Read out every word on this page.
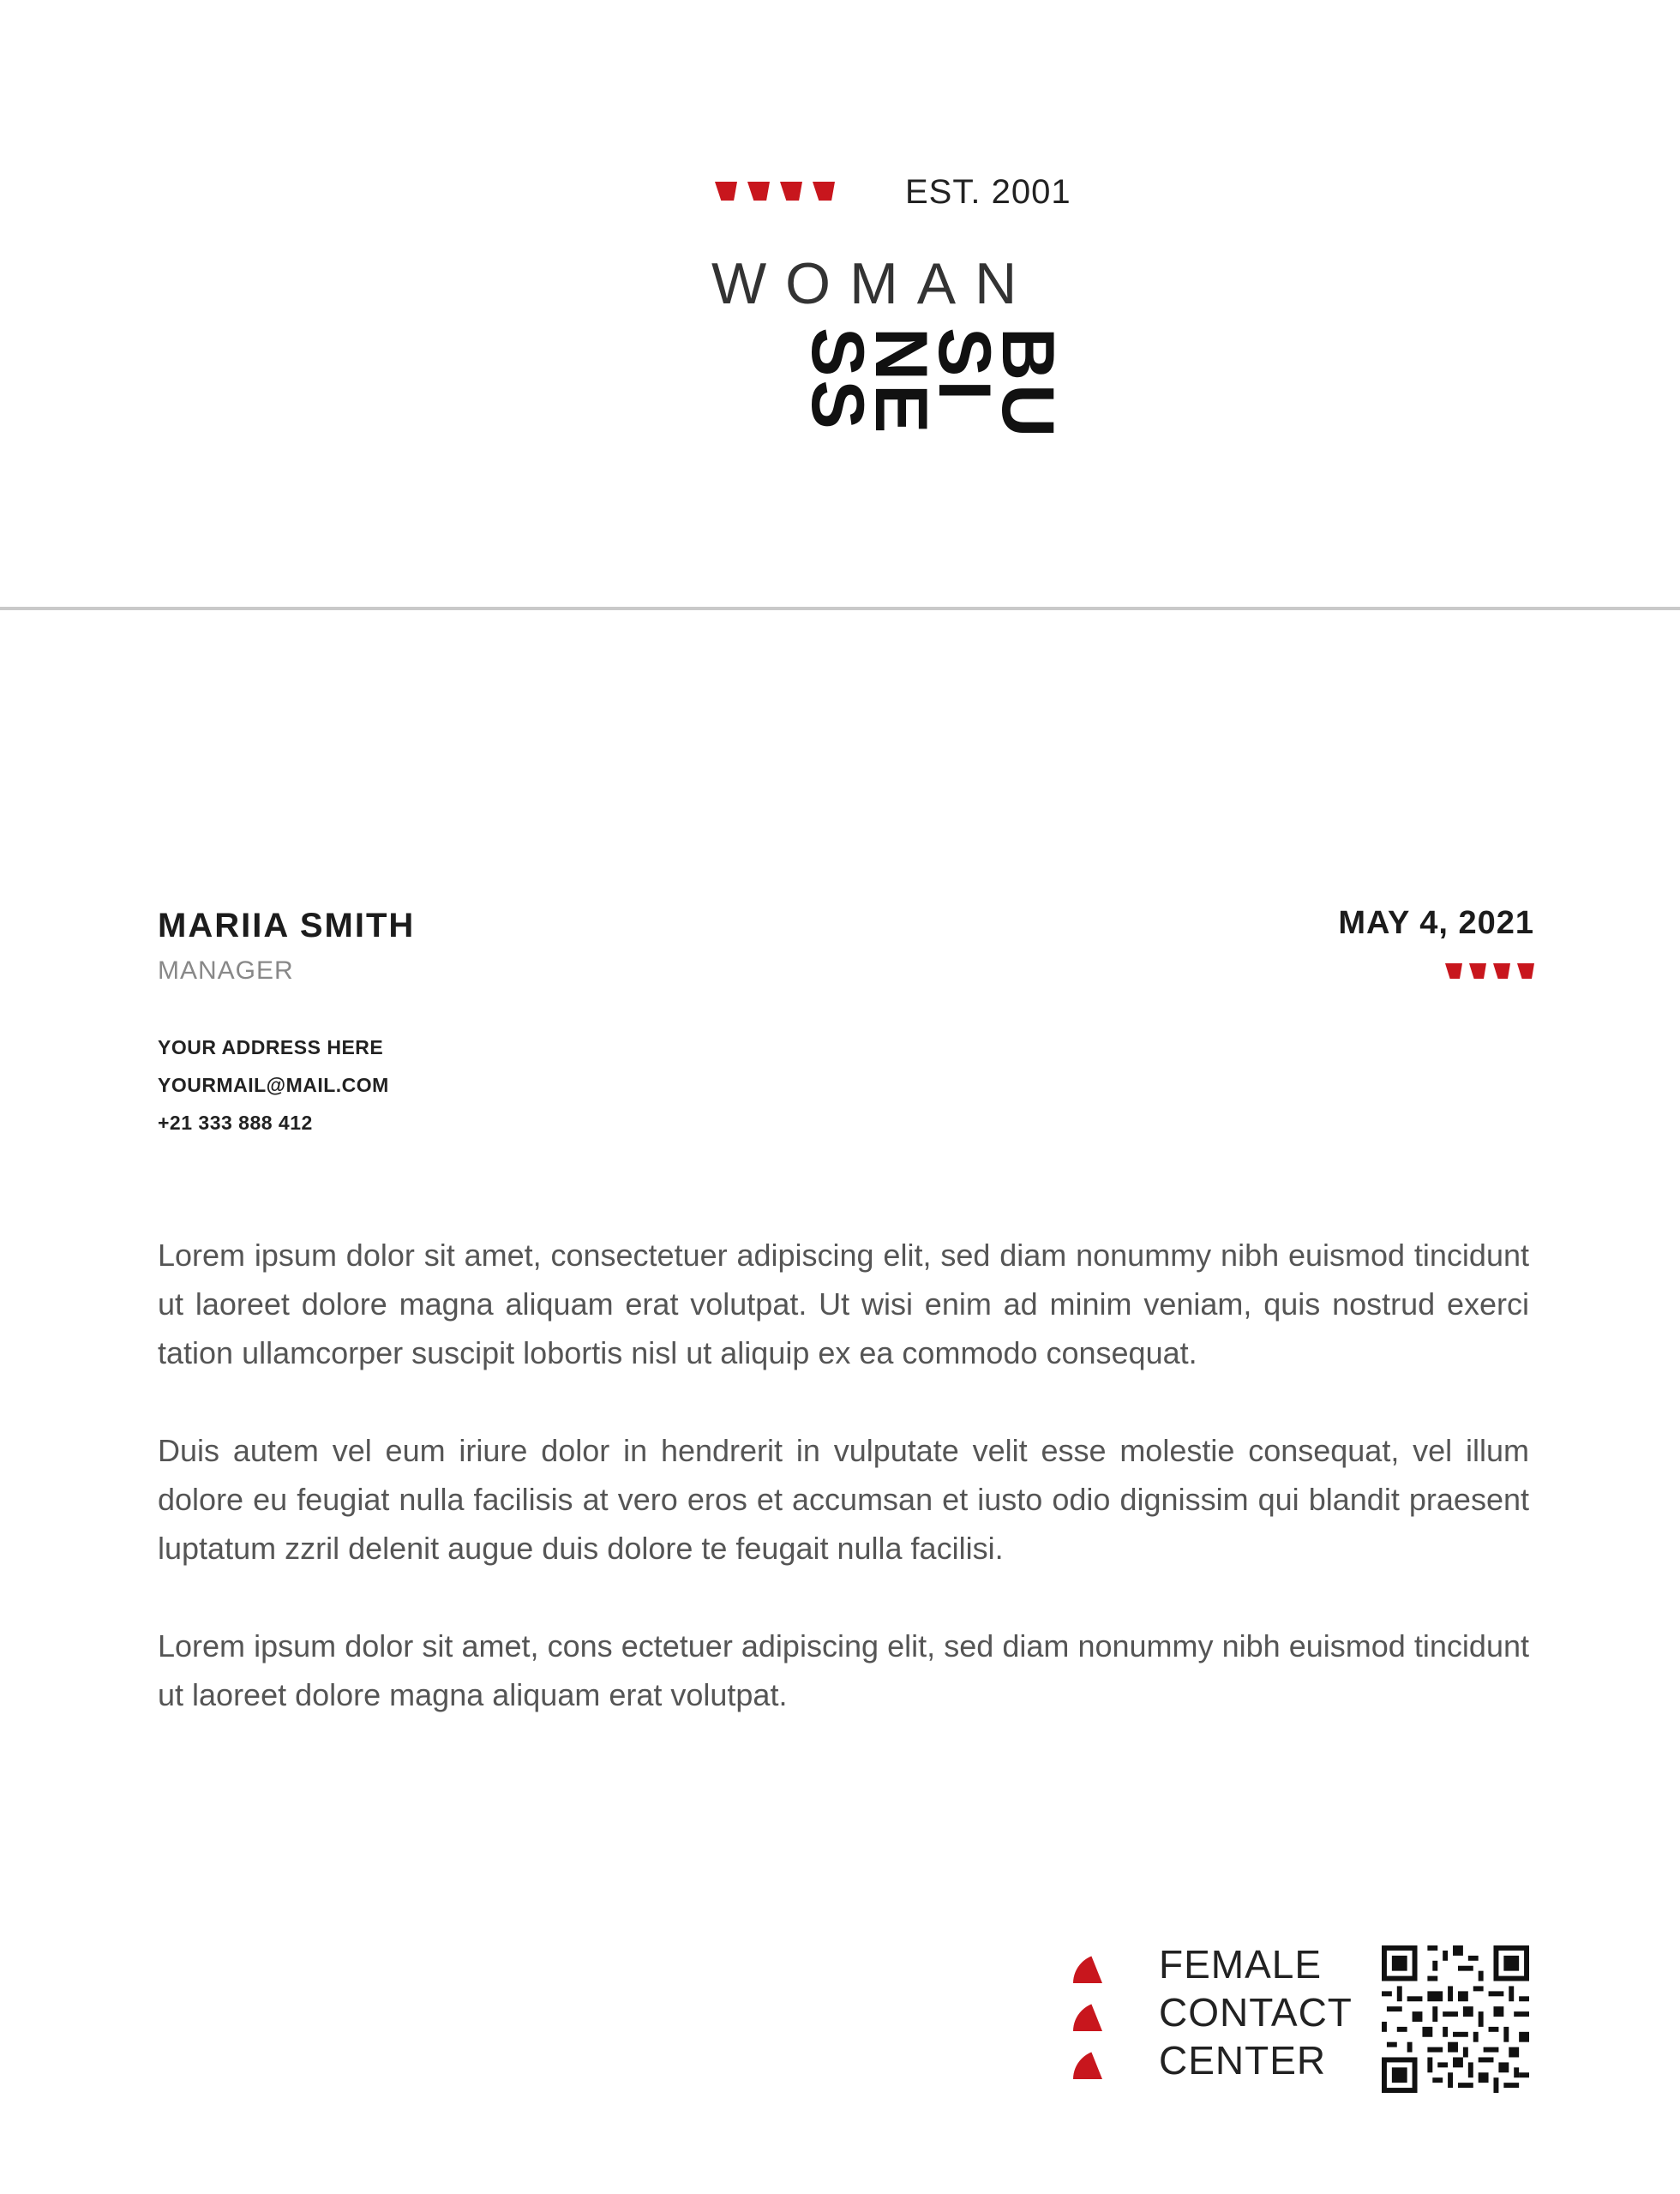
EST. 2001
WOMAN
BU
SI
NE
SS
MARIIA SMITH
MANAGER
YOUR ADDRESS HERE
YOURMAIL@MAIL.COM
+21 333 888 412
MAY 4, 2021

Lorem ipsum dolor sit amet, consectetuer adipiscing elit, sed diam nonummy nibh euismod tincidunt ut laoreet dolore magna aliquam erat volutpat. Ut wisi enim ad minim veniam, quis nostrud exerci tation ullamcorper suscipit lobortis nisl ut aliquip ex ea commodo consequat.

Duis autem vel eum iriure dolor in hendrerit in vulputate velit esse molestie consequat, vel illum dolore eu feugiat nulla facilisis at vero eros et accumsan et iusto odio dignissim qui blandit praesent luptatum zzril delenit augue duis dolore te feugait nulla facilisi.

Lorem ipsum dolor sit amet, cons ectetuer adipiscing elit, sed diam nonummy nibh euismod tincidunt ut laoreet dolore magna aliquam erat volutpat.

FEMALE
CONTACT
CENTER
